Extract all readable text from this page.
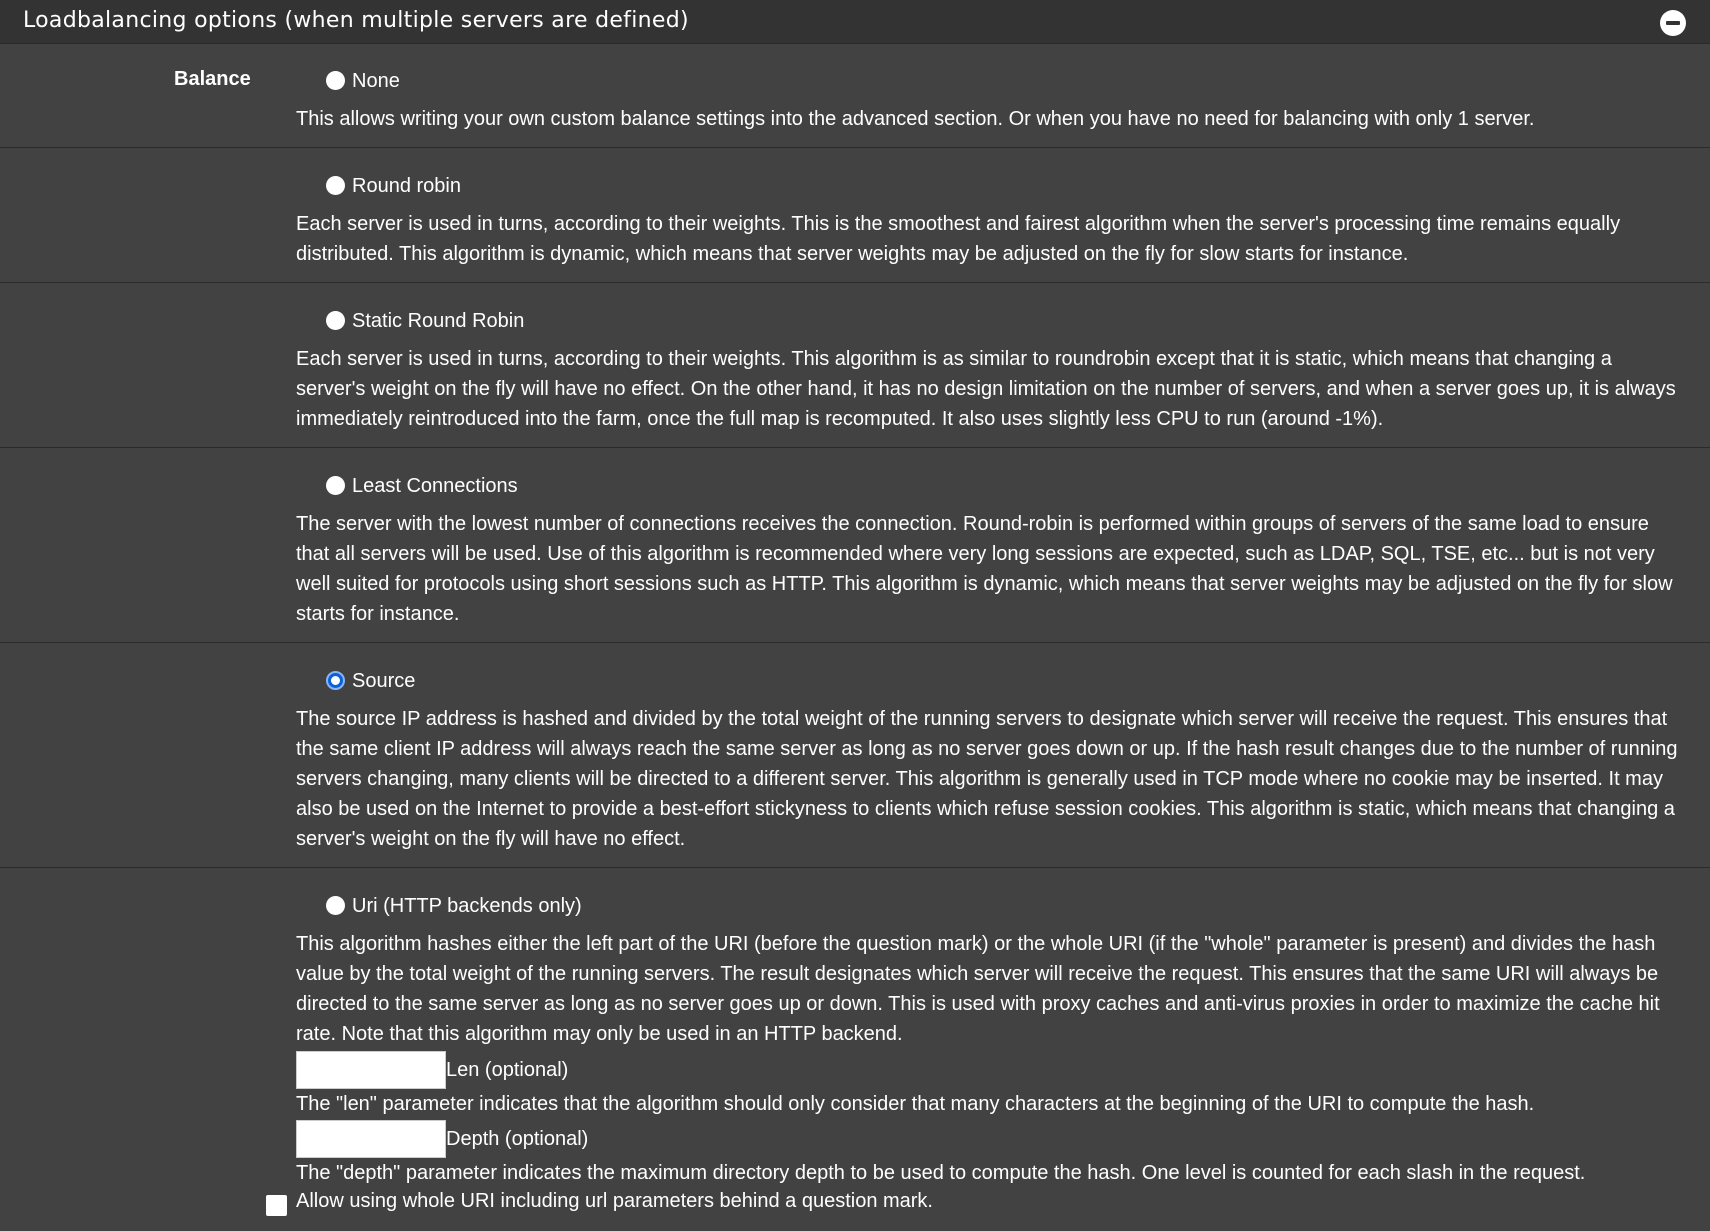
Loadbalancing options (when multiple servers are defined)
Balance	None

This allows writing your own custom balance settings into the advanced section. Or when you have no need for balancing with only 1 server.

Round robin

Each server is used in turns, according to their weights. This is the smoothest and fairest algorithm when the server's processing time remains equally distributed. This algorithm is dynamic, which means that server weights may be adjusted on the fly for slow starts for instance.

Static Round Robin

Each server is used in turns, according to their weights. This algorithm is as similar to roundrobin except that it is static, which means that changing a server's weight on the fly will have no effect. On the other hand, it has no design limitation on the number of servers, and when a server goes up, it is always immediately reintroduced into the farm, once the full map is recomputed. It also uses slightly less CPU to run (around -1%).

Least Connections

The server with the lowest number of connections receives the connection. Round-robin is performed within groups of servers of the same load to ensure that all servers will be used. Use of this algorithm is recommended where very long sessions are expected, such as LDAP, SQL, TSE, etc... but is not very well suited for protocols using short sessions such as HTTP. This algorithm is dynamic, which means that server weights may be adjusted on the fly for slow starts for instance.

Source

The source IP address is hashed and divided by the total weight of the running servers to designate which server will receive the request. This ensures that the same client IP address will always reach the same server as long as no server goes down or up. If the hash result changes due to the number of running servers changing, many clients will be directed to a different server. This algorithm is generally used in TCP mode where no cookie may be inserted. It may also be used on the Internet to provide a best-effort stickyness to clients which refuse session cookies. This algorithm is static, which means that changing a server's weight on the fly will have no effect.

Uri (HTTP backends only)

This algorithm hashes either the left part of the URI (before the question mark) or the whole URI (if the "whole" parameter is present) and divides the hash value by the total weight of the running servers. The result designates which server will receive the request. This ensures that the same URI will always be directed to the same server as long as no server goes up or down. This is used with proxy caches and anti-virus proxies in order to maximize the cache hit rate. Note that this algorithm may only be used in an HTTP backend.

Len (optional)

The "len" parameter indicates that the algorithm should only consider that many characters at the beginning of the URI to compute the hash.

Depth (optional)

The "depth" parameter indicates the maximum directory depth to be used to compute the hash. One level is counted for each slash in the request.

Allow using whole URI including url parameters behind a question mark.
